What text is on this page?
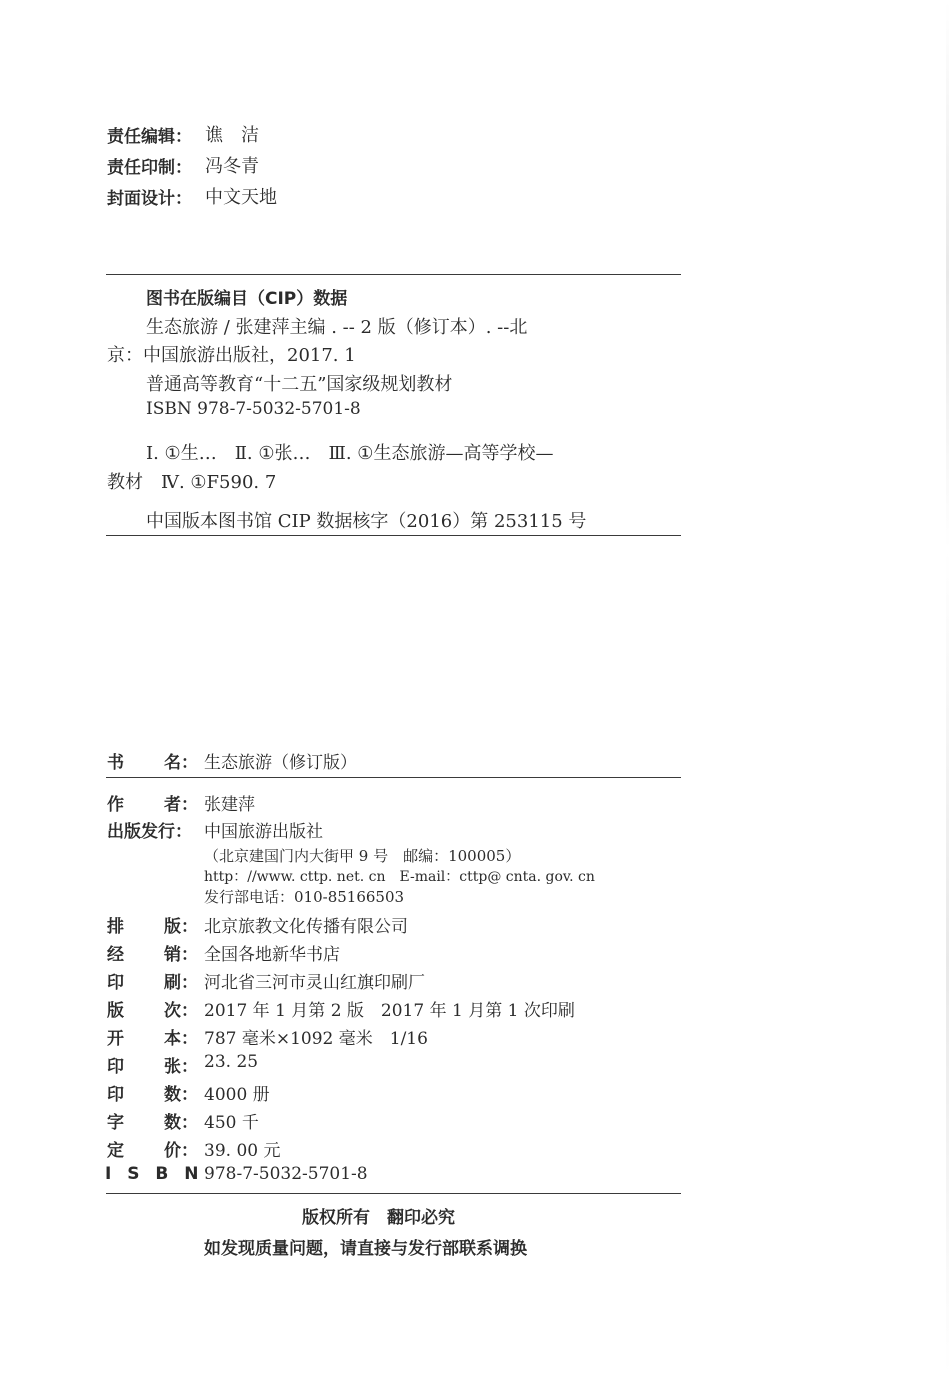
责任编辑： 谯　洁
责任印制： 冯冬青
封面设计： 中文天地
图书在版编目（CIP）数据
生态旅游 / 张建萍主编 . -- 2 版（修订本）. --北
京：中国旅游出版社，2017. 1
普通高等教育“十二五”国家级规划教材
ISBN 978-7-5032-5701-8
Ⅰ. ①生…　Ⅱ. ①张…　Ⅲ. ①生态旅游—高等学校—
教材　Ⅳ. ①F590. 7
中国版本图书馆 CIP 数据核字（2016）第 253115 号
书 名： 生态旅游（修订版）
作 者： 张建萍
出版发行： 中国旅游出版社
（北京建国门内大街甲 9 号　邮编：100005）
http：//www. cttp. net. cn　E-mail：cttp@ cnta. gov. cn
发行部电话：010-85166503
排 版： 北京旅教文化传播有限公司
经 销： 全国各地新华书店
印 刷： 河北省三河市灵山红旗印刷厂
版 次： 2017 年 1 月第 2 版　2017 年 1 月第 1 次印刷
开 本： 787 毫米×1092 毫米　1/16
印 张： 23. 25
印 数： 4000 册
字 数： 450 千
定 价： 39. 00 元
I S B N 978-7-5032-5701-8
版权所有　翻印必究
如发现质量问题，请直接与发行部联系调换
